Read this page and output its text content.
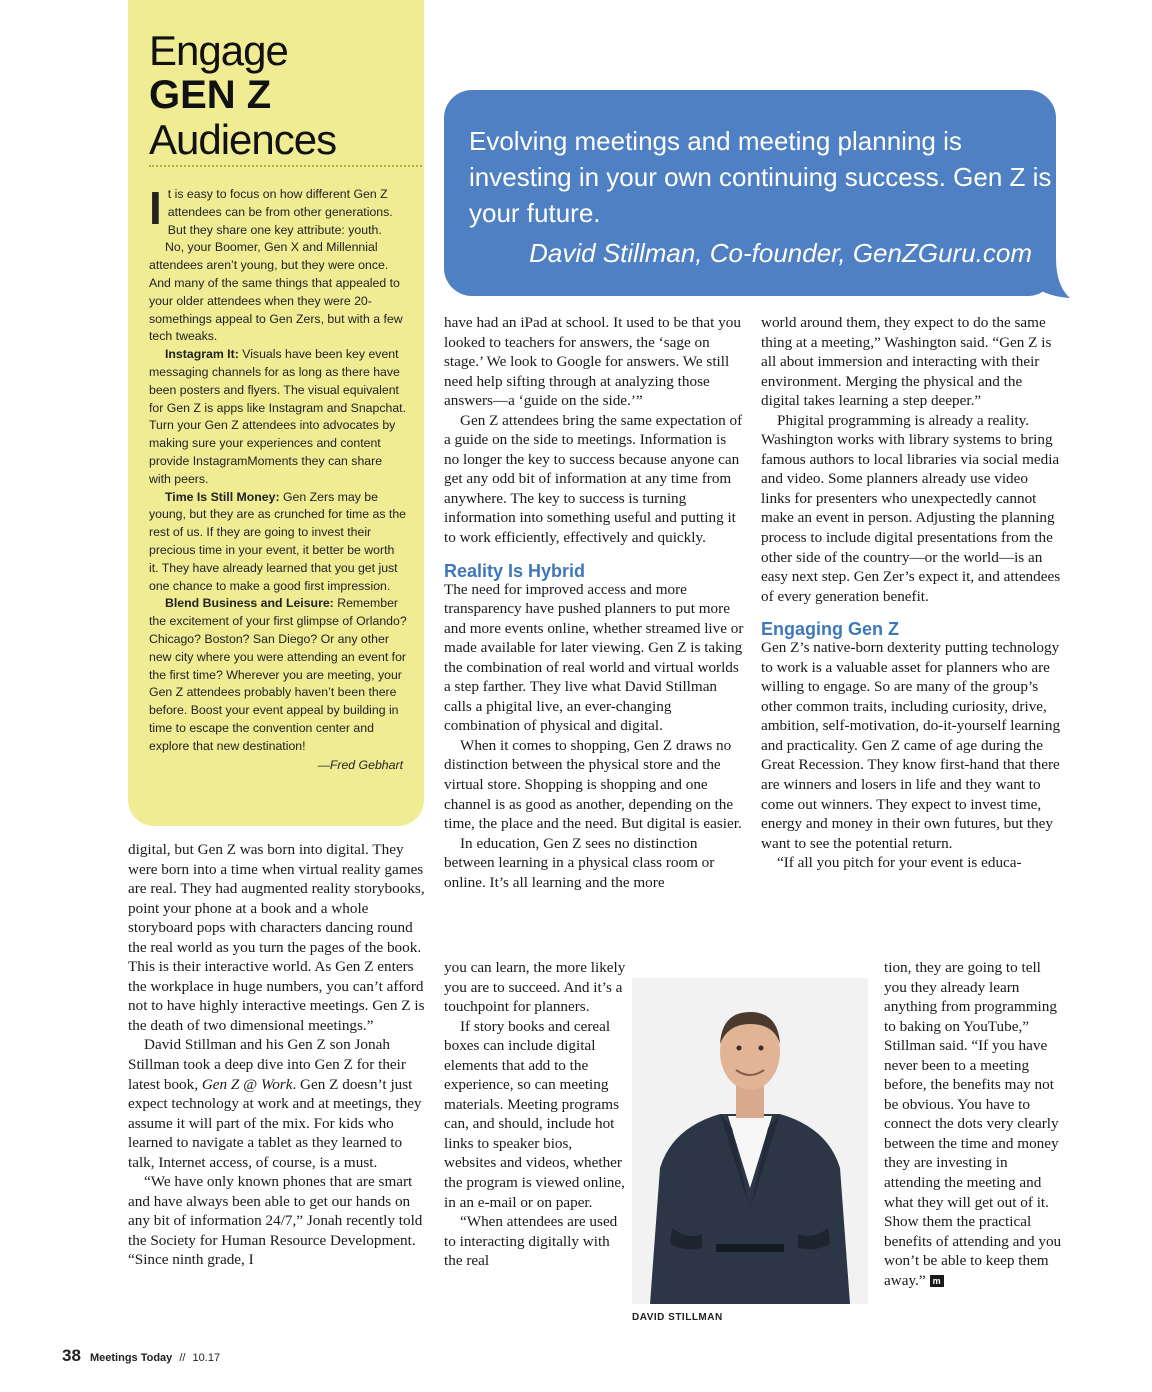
Engage
GEN Z
Audiences

It is easy to focus on how different Gen Z attendees can be from other generations. But they share one key attribute: youth.

No, your Boomer, Gen X and Millennial attendees aren’t young, but they were once. And many of the same things that appealed to your older attendees when they were 20-somethings appeal to Gen Zers, but with a few tech tweaks.

Instagram It: Visuals have been key event messaging channels for as long as there have been posters and flyers. The visual equivalent for Gen Z is apps like Instagram and Snapchat. Turn your Gen Z attendees into advocates by making sure your experiences and content provide InstagramMoments they can share with peers.

Time Is Still Money: Gen Zers may be young, but they are as crunched for time as the rest of us. If they are going to invest their precious time in your event, it better be worth it. They have already learned that you get just one chance to make a good first impression.

Blend Business and Leisure: Remember the excitement of your first glimpse of Orlando? Chicago? Boston? San Diego? Or any other new city where you were attending an event for the first time? Wherever you are meeting, your Gen Z attendees probably haven’t been there before. Boost your event appeal by building in time to escape the convention center and explore that new destination!

—Fred Gebhart
Evolving meetings and meeting planning is investing in your own continuing success. Gen Z is your future.
David Stillman, Co-founder, GenZGuru.com

digital, but Gen Z was born into digital. They were born into a time when virtual reality games are real. They had augmented reality storybooks, point your phone at a book and a whole storyboard pops with characters dancing round the real world as you turn the pages of the book. This is their interactive world. As Gen Z enters the workplace in huge numbers, you can’t afford not to have highly interactive meetings. Gen Z is the death of two dimensional meetings.”

David Stillman and his Gen Z son Jonah Stillman took a deep dive into Gen Z for their latest book, Gen Z @ Work. Gen Z doesn’t just expect technology at work and at meetings, they assume it will part of the mix. For kids who learned to navigate a tablet as they learned to talk, Internet access, of course, is a must.

“We have only known phones that are smart and have always been able to get our hands on any bit of information 24/7,” Jonah recently told the Society for Human Resource Development. “Since ninth grade, I

have had an iPad at school. It used to be that you looked to teachers for answers, the ‘sage on stage.’ We look to Google for answers. We still need help sifting through at analyzing those answers—a ‘guide on the side.’”

Gen Z attendees bring the same expectation of a guide on the side to meetings. Information is no longer the key to success because anyone can get any odd bit of information at any time from anywhere. The key to success is turning information into something useful and putting it to work efficiently, effectively and quickly.

Reality Is Hybrid

The need for improved access and more transparency have pushed planners to put more and more events online, whether streamed live or made available for later viewing. Gen Z is taking the combination of real world and virtual worlds a step farther. They live what David Stillman calls a phigital live, an ever-changing combination of physical and digital.

When it comes to shopping, Gen Z draws no distinction between the physical store and the virtual store. Shopping is shopping and one channel is as good as another, depending on the time, the place and the need. But digital is easier.

In education, Gen Z sees no distinction between learning in a physical class room or online. It’s all learning and the more

you can learn, the more likely you are to succeed. And it’s a touchpoint for planners.

If story books and cereal boxes can include digital elements that add to the experience, so can meeting materials. Meeting programs can, and should, include hot links to speaker bios, websites and videos, whether the program is viewed online, in an e-mail or on paper.

“When attendees are used to interacting digitally with the real

world around them, they expect to do the same thing at a meeting,” Washington said. “Gen Z is all about immersion and interacting with their environment. Merging the physical and the digital takes learning a step deeper.”

Phigital programming is already a reality. Washington works with library systems to bring famous authors to local libraries via social media and video. Some planners already use video links for presenters who unexpectedly cannot make an event in person. Adjusting the planning process to include digital presentations from the other side of the country—or the world—is an easy next step. Gen Zer’s expect it, and attendees of every generation benefit.

Engaging Gen Z

Gen Z’s native-born dexterity putting technology to work is a valuable asset for planners who are willing to engage. So are many of the group’s other common traits, including curiosity, drive, ambition, self-motivation, do-it-yourself learning and practicality. Gen Z came of age during the Great Recession. They know first-hand that there are winners and losers in life and they want to come out winners. They expect to invest time, energy and money in their own futures, but they want to see the potential return.

“If all you pitch for your event is educa-

tion, they are going to tell you they already learn anything from programming to baking on YouTube,” Stillman said. “If you have never been to a meeting before, the benefits may not be obvious. You have to connect the dots very clearly between the time and money they are investing in attending the meeting and what they will get out of it. Show them the practical benefits of attending and you won’t be able to keep them away.” m

DAVID STILLMAN
38 Meetings Today // 10.17
